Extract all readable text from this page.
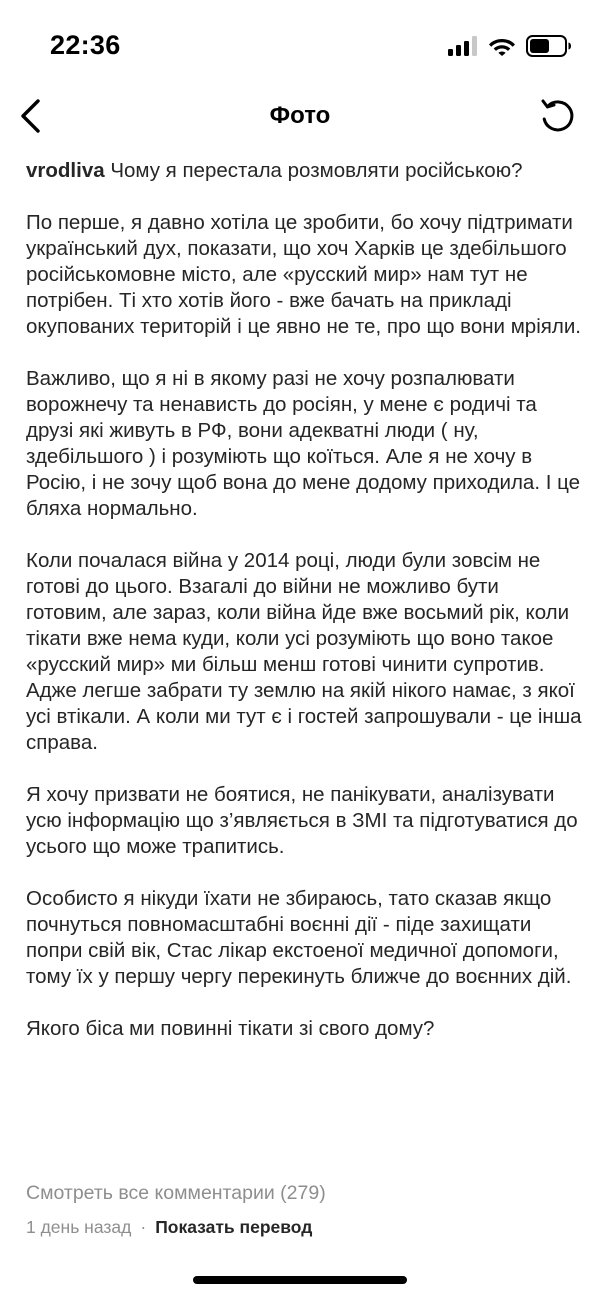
22:36
Фото

vrodliva Чому я перестала розмовляти російською?

По перше, я давно хотіла це зробити, бо хочу підтримати український дух, показати, що хоч Харків це здебільшого російськомовне місто, але «русский мир» нам тут не потрібен. Ті хто хотів його - вже бачать на прикладі окупованих територій і це явно не те, про що вони мріяли.

Важливо, що я ні в якому разі не хочу розпалювати ворожнечу та ненависть до росіян, у мене є родичі та друзі які живуть в РФ, вони адекватні люди ( ну, здебільшого ) і розуміють що коїться. Але я не хочу в Росію, і не зочу щоб вона до мене додому приходила. І це бляха нормально.

Коли почалася війна у 2014 році, люди були зовсім не готові до цього. Взагалі до війни не можливо бути готовим, але зараз, коли війна йде вже восьмий рік, коли тікати вже нема куди, коли усі розуміють що воно такое «русский мир» ми більш менш готові чинити супротив. Адже легше забрати ту землю на якій нікого намає, з якої усі втікали. А коли ми тут є і гостей запрошували - це інша справа.

Я хочу призвати не боятися, не панікувати, аналізувати усю інформацію що з’являється в ЗМІ та підготуватися до усього що може трапитись.

Особисто я нікуди їхати не збираюсь, тато сказав якщо почнуться повномасштабні воєнні дії - піде захищати попри свій вік, Стас лікар екстоеної медичної допомоги, тому їх у першу чергу перекинуть ближче до воєнних дій.

Якого біса ми повинні тікати зі свого дому?

Смотреть все комментарии (279)
1 день назад · Показать перевод
